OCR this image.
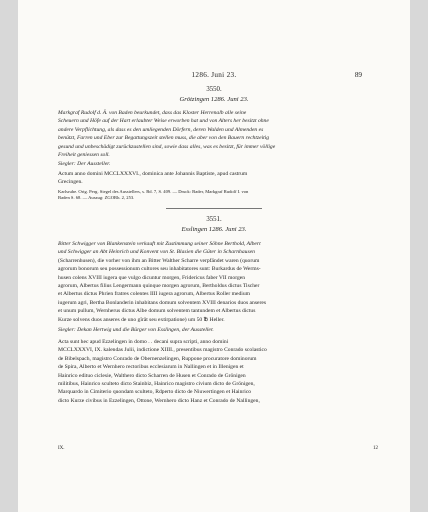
1286. Juni 23.	89
3550.
Grötzingen 1286. Juni 23.
Markgraf Rudolf d. Ä. von Baden beurkundet, dass das Kloster Herrenalb alle seine
Scheuern und Höfe auf der Hart erlaubter Weise erworben hat und von Alters her besitzt ohne
andere Verpflichtung, als dass es den umliegenden Dörfern, deren Walden und Almenden es
benützt, Farren und Eber zur Begattungszeit stellen muss, die aber von den Bauern rechtzeitig
gesund und unbeschädigt zurückzustellen sind, sowie dass alles, was es besitzt, für immer völlige
Freiheit geniessen soll.
Siegler: Der Aussteller.
Actum anno domini MCCLXXXVI., dominica ante Johannis Baptiste, apud castrum
Grecingen.
Karlsruhe. Orig. Perg. Siegel des Ausstellers, s. Bd. 7, S. 409. — Druck: Bader, Markgraf Rudolf I. von
Baden S. 68. — Auszug: ZGORh. 2, 253.
3551.
Esslingen 1286. Juni 23.
Bitter Schwigger von Blankenstein verkauft mit Zustimmung seiner Söhne Berthold, Albert
und Schwigger an Abt Heinrich und Konvent von St. Blasien die Güter in Scharnhausen
(Scharrenhusen), die vorher von ihm an Bitter Walther Scharre verpfändet waren (quorum
agrorum bonorum seu possessionum cultores seu inhabitatores sunt: Burkardus de Werms-
husen colens XVIII iugera que vulgo dicuntur morgen, Fridericus faber VII morgen
agrorum, Albertus filius Lengermann quinque morgen agrorum, Bertholdus dictus Tischer
et Albertus dictus Phrien fratres colentes IIII iugera agrorum, Albertus Roller medium
iugerum agri, Bertha Bonlanderin inhabitans domum solventem XVIII denarios duos anseres
et unum pullum, Wernherus dictus Albe domum solventem tantundem et Albertus dictus
Kurze solvens duos anseres de uno gîrât seu extirpatione) um 50 ℔ Heller.
Siegler: Dekan Hertwig und die Bürger von Esslingen, der Aussteller.
Acta sunt hec apud Ezzelingen in domo . . decani supra scripti, anno domini
MCCLXXXVI, IX. kalendas Julii, indictione XIIII., presentibus magistro Conrado scolastico
de Bibelspach, magistro Conrado de Obernenzelingen, Ruppone procuratore dominorum
de Spira, Alberto et Wernhero rectoribus ecclesiarum in Nallingen et in Illenigen et
Hainrico edituo ciclesie, Walthero dicto Scharren de Husen et Conrado de Grönigen
militibus, Hainrico sculteto dicto Stainbiz, Hainrico magistro civium dicto de Grönigen,
Marquardo in Cimiterio quondam sculteto, Rdperto dicto de Niuwertingen et Hainrico
dicto Kurze civibus in Ezzelingen, Ottone, Wernhero dicto Hanz et Conrado de Nallingen,
IX.	12
